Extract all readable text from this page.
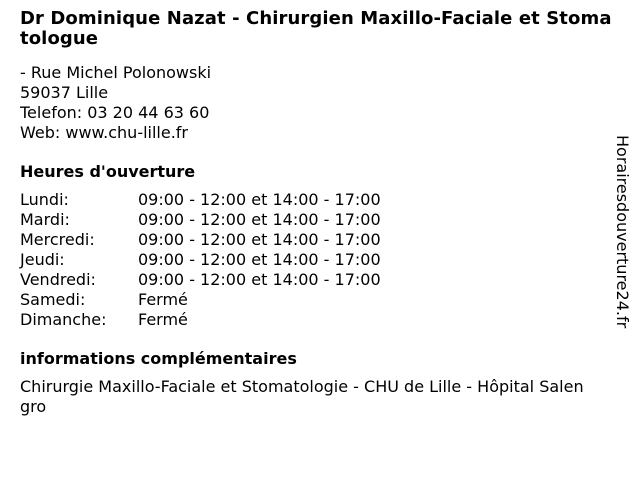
Dr Dominique Nazat - Chirurgien Maxillo-Faciale et Stomatologue
- Rue Michel Polonowski
59037 Lille
Telefon: 03 20 44 63 60
Web: www.chu-lille.fr
Heures d'ouverture
Lundi:	09:00 - 12:00 et 14:00 - 17:00
Mardi:	09:00 - 12:00 et 14:00 - 17:00
Mercredi:	09:00 - 12:00 et 14:00 - 17:00
Jeudi:	09:00 - 12:00 et 14:00 - 17:00
Vendredi:	09:00 - 12:00 et 14:00 - 17:00
Samedi:	Fermé
Dimanche:	Fermé
informations complémentaires
Chirurgie Maxillo-Faciale et Stomatologie - CHU de Lille - Hôpital Salengro
Horairesdouverture24.fr
